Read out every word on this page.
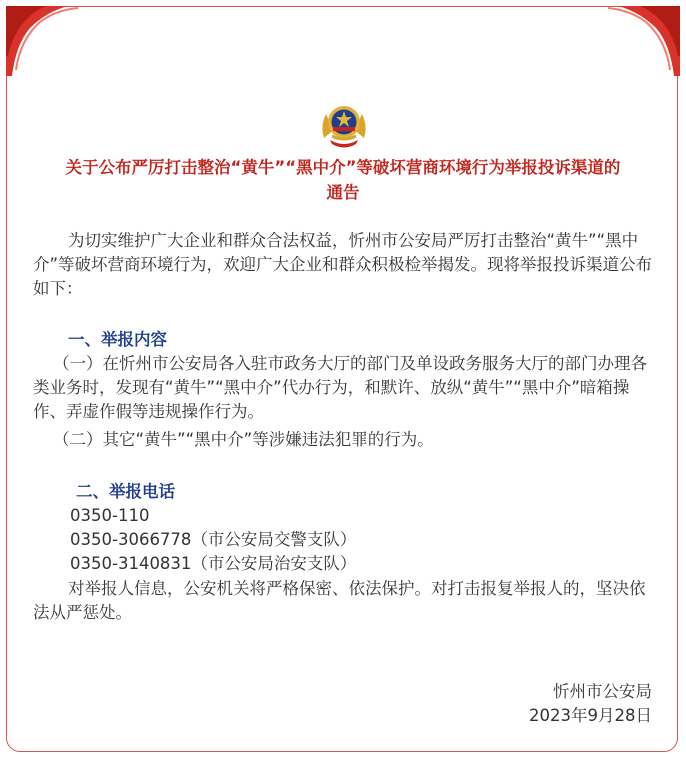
关于公布严厉打击整治“黄牛”“黑中介”等破坏营商环境行为举报投诉渠道的
通告

为切实维护广大企业和群众合法权益，忻州市公安局严厉打击整治“黄牛”“黑中介”等破坏营商环境行为，欢迎广大企业和群众积极检举揭发。现将举报投诉渠道公布如下：

一、举报内容

（一）在忻州市公安局各入驻市政务大厅的部门及单设政务服务大厅的部门办理各类业务时，发现有“黄牛”“黑中介”代办行为，和默许、放纵“黄牛”“黑中介”暗箱操作、弄虚作假等违规操作行为。

（二）其它“黄牛”“黑中介”等涉嫌违法犯罪的行为。

二、举报电话

0350-110

0350-3066778（市公安局交警支队）

0350-3140831（市公安局治安支队）

对举报人信息，公安机关将严格保密、依法保护。对打击报复举报人的，坚决依法从严惩处。

忻州市公安局

2023年9月28日
